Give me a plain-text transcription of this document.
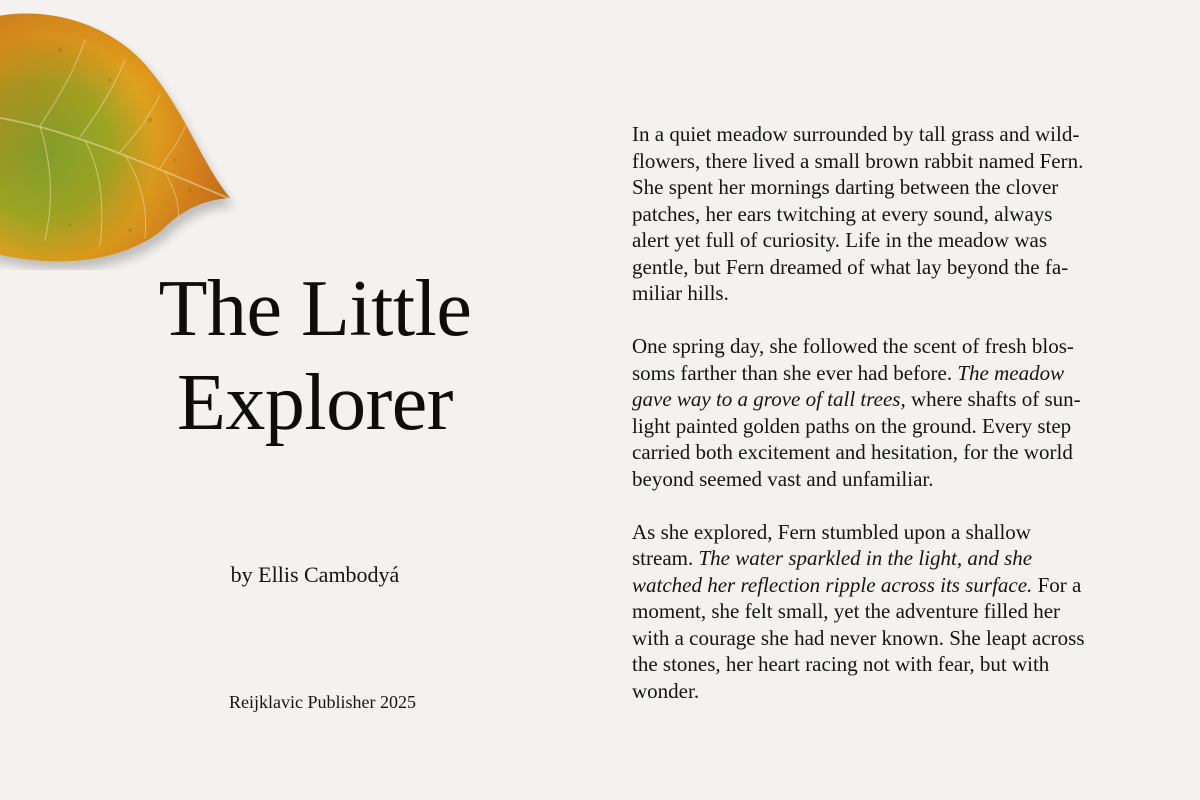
The Little
Explorer
by Ellis Cambodyá
Reijklavic Publisher 2025

In a quiet meadow surrounded by tall grass and wild-
flowers, there lived a small brown rabbit named Fern.
She spent her mornings darting between the clover
patches, her ears twitching at every sound, always
alert yet full of curiosity. Life in the meadow was
gentle, but Fern dreamed of what lay beyond the fa-
miliar hills.

One spring day, she followed the scent of fresh blos-
soms farther than she ever had before. The meadow
gave way to a grove of tall trees, where shafts of sun-
light painted golden paths on the ground. Every step
carried both excitement and hesitation, for the world
beyond seemed vast and unfamiliar.

As she explored, Fern stumbled upon a shallow
stream. The water sparkled in the light, and she
watched her reflection ripple across its surface. For a
moment, she felt small, yet the adventure filled her
with a courage she had never known. She leapt across
the stones, her heart racing not with fear, but with
wonder.
